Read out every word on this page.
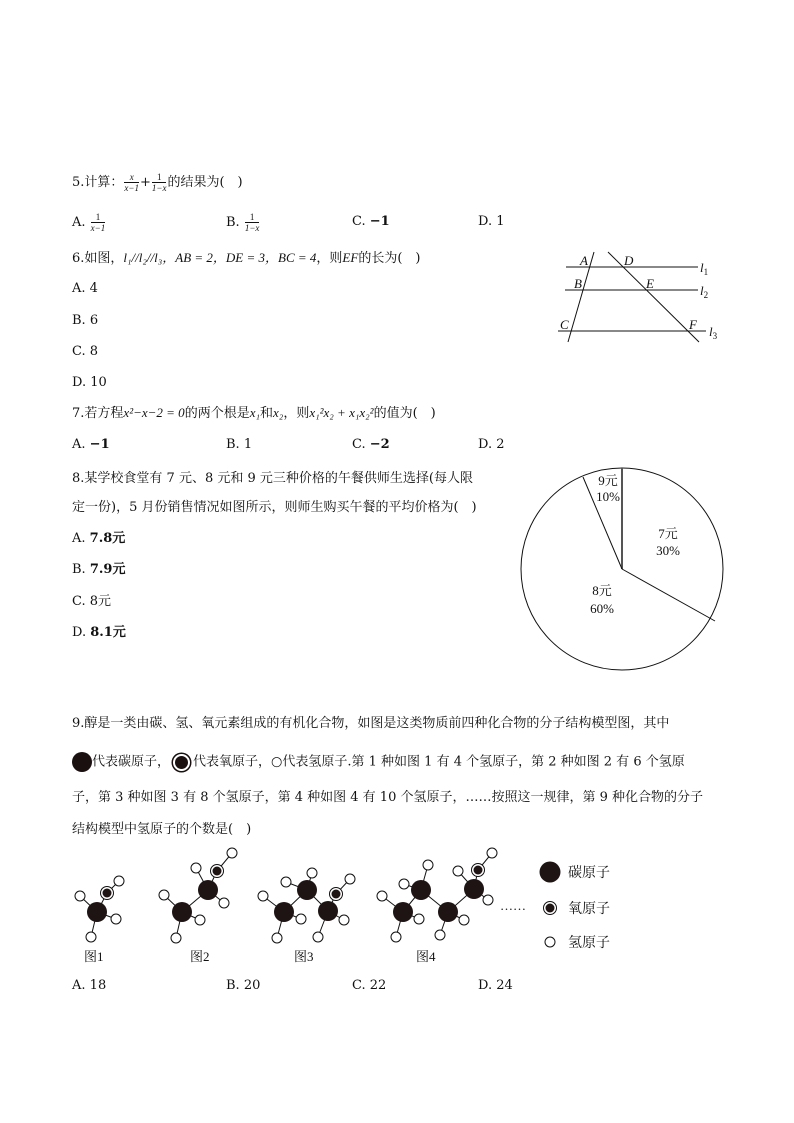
5.计算： $\frac{x}{x-1} + \frac{1}{1-x}$ 的结果为(　)
A. $\frac{1}{x-1}$	B. $\frac{1}{1-x}$	C. −1	D. 1
6.如图，l₁//l₂//l₃，AB = 2，DE = 3，BC = 4，则EF的长为(　)
A. 4
B. 6
C. 8
D. 10
A	D
B	E
C	F
$l_1$
$l_2$
$l_3$
7.若方程x²−x−2 = 0的两个根是x₁和x₂，则x₁²x₂ + x₁x₂²的值为(　)
A. −1	B. 1	C. −2	D. 2
8.某学校食堂有 7 元、8 元和 9 元三种价格的午餐供师生选择(每人限
定一份)，5 月份销售情况如图所示，则师生购买午餐的平均价格为(　)
A. 7.8元
B. 7.9元
C. 8元
D. 8.1元
9元
10%
7元
30%
8元
60%
9.醇是一类由碳、氢、氧元素组成的有机化合物，如图是这类物质前四种化合物的分子结构模型图，其中
代表碳原子， 代表氧原子，○代表氢原子.第 1 种如图 1 有 4 个氢原子，第 2 种如图 2 有 6 个氢原
子，第 3 种如图 3 有 8 个氢原子，第 4 种如图 4 有 10 个氢原子，……按照这一规律，第 9 种化合物的分子
结构模型中氢原子的个数是(　)
图1	图2	图3	图4
……
碳原子
氧原子
氢原子
A. 18	B. 20	C. 22	D. 24
